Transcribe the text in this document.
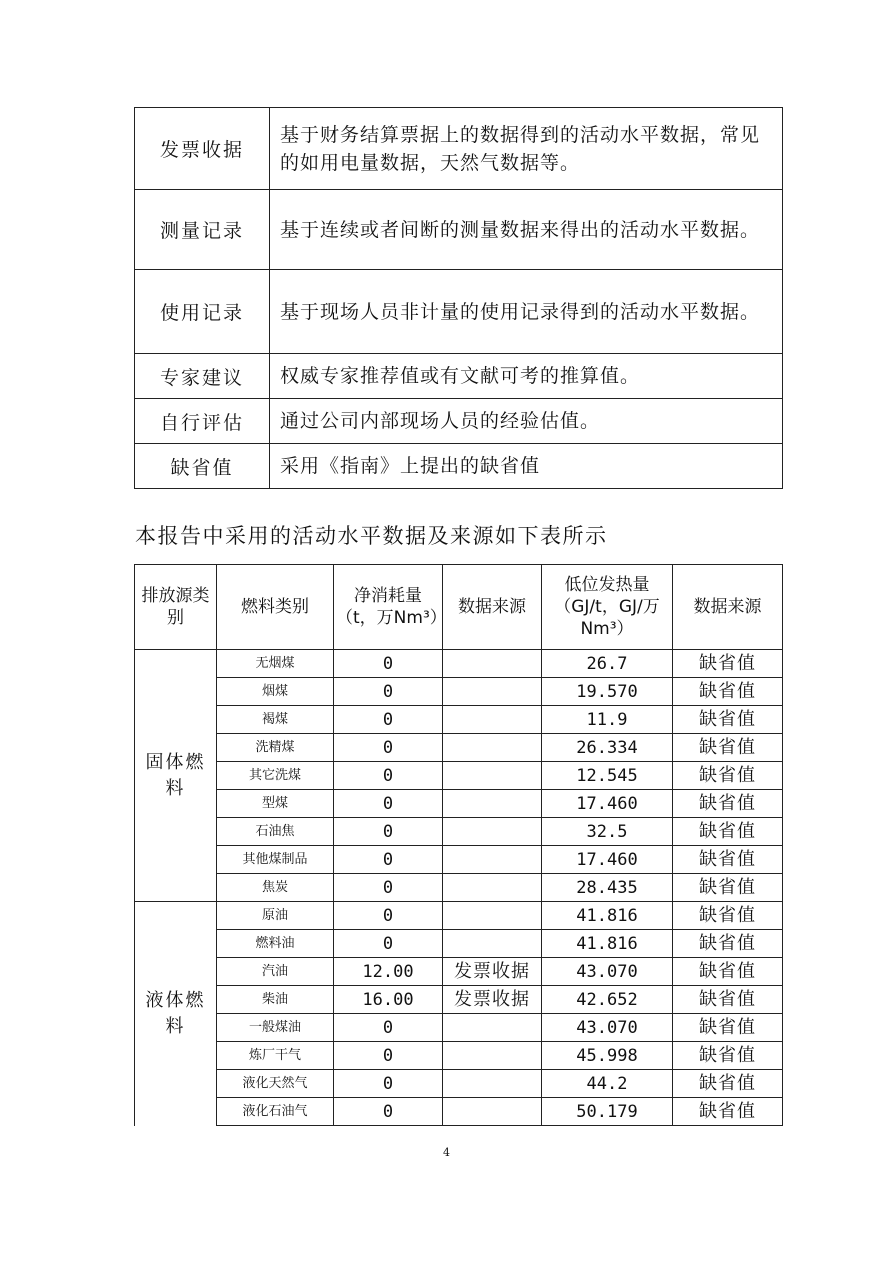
发票收据	基于财务结算票据上的数据得到的活动水平数据，常见的如用电量数据，天然气数据等。
测量记录	基于连续或者间断的测量数据来得出的活动水平数据。
使用记录	基于现场人员非计量的使用记录得到的活动水平数据。
专家建议	权威专家推荐值或有文献可考的推算值。
自行评估	通过公司内部现场人员的经验估值。
缺省值	采用《指南》上提出的缺省值
本报告中采用的活动水平数据及来源如下表所示
排放源类别	燃料类别	净消耗量（t，万Nm³）	数据来源	低位发热量（GJ/t，GJ/万Nm³）	数据来源
固体燃料	无烟煤	0		26.7	缺省值
	烟煤	0		19.570	缺省值
	褐煤	0		11.9	缺省值
	洗精煤	0		26.334	缺省值
	其它洗煤	0		12.545	缺省值
	型煤	0		17.460	缺省值
	石油焦	0		32.5	缺省值
	其他煤制品	0		17.460	缺省值
	焦炭	0		28.435	缺省值
液体燃料	原油	0		41.816	缺省值
	燃料油	0		41.816	缺省值
	汽油	12.00	发票收据	43.070	缺省值
	柴油	16.00	发票收据	42.652	缺省值
	一般煤油	0		43.070	缺省值
	炼厂干气	0		45.998	缺省值
	液化天然气	0		44.2	缺省值
	液化石油气	0		50.179	缺省值
4
